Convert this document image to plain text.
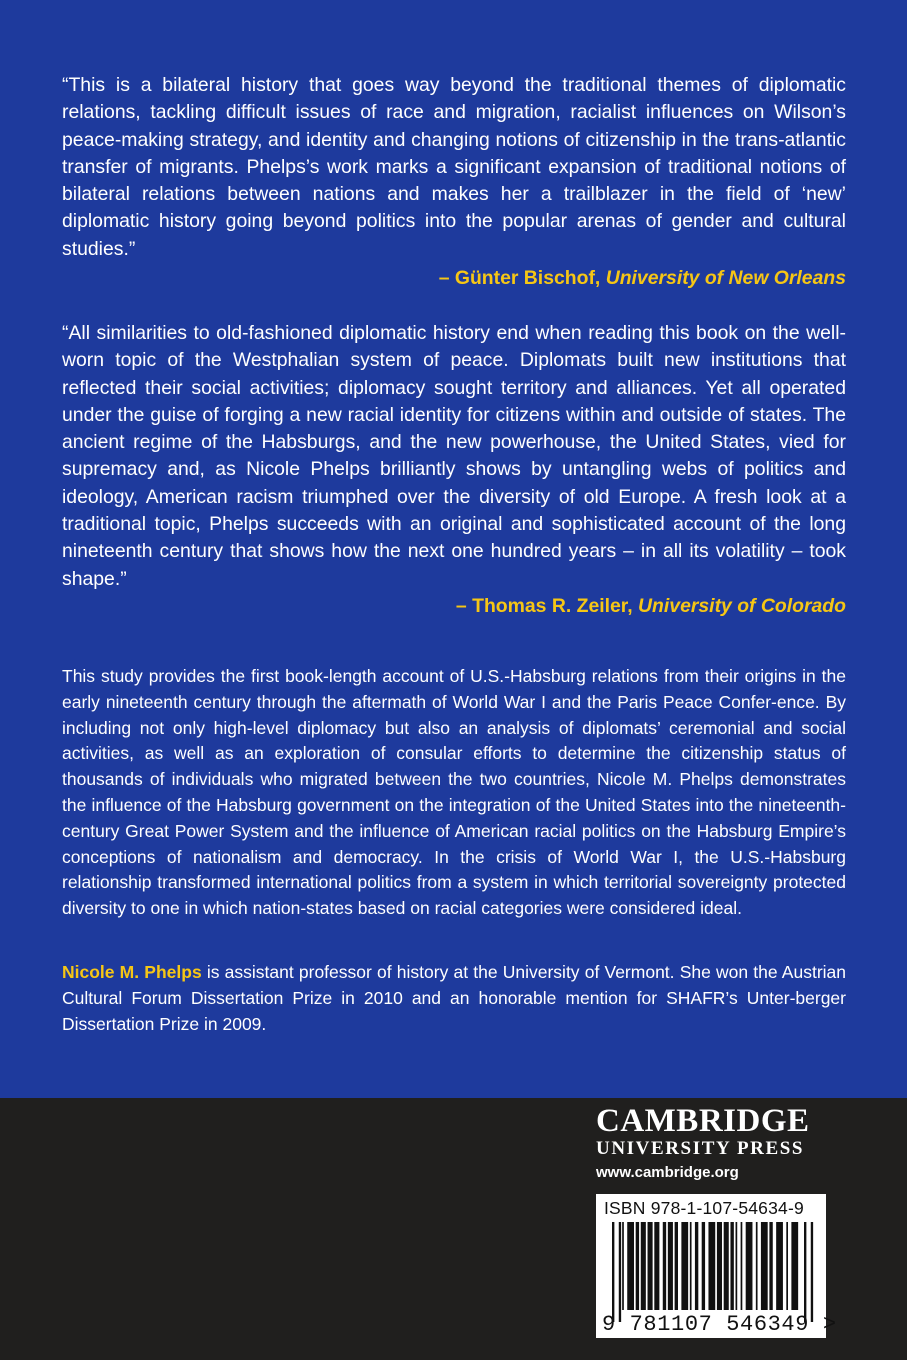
“This is a bilateral history that goes way beyond the traditional themes of diplomatic relations, tackling difficult issues of race and migration, racialist influences on Wilson’s peace-making strategy, and identity and changing notions of citizenship in the trans-atlantic transfer of migrants. Phelps’s work marks a significant expansion of traditional notions of bilateral relations between nations and makes her a trailblazer in the field of ‘new’ diplomatic history going beyond politics into the popular arenas of gender and cultural studies.”

– Günter Bischof, University of New Orleans

“All similarities to old-fashioned diplomatic history end when reading this book on the well-worn topic of the Westphalian system of peace. Diplomats built new institutions that reflected their social activities; diplomacy sought territory and alliances. Yet all operated under the guise of forging a new racial identity for citizens within and outside of states. The ancient regime of the Habsburgs, and the new powerhouse, the United States, vied for supremacy and, as Nicole Phelps brilliantly shows by untangling webs of politics and ideology, American racism triumphed over the diversity of old Europe. A fresh look at a traditional topic, Phelps succeeds with an original and sophisticated account of the long nineteenth century that shows how the next one hundred years – in all its volatility – took shape.”

– Thomas R. Zeiler, University of Colorado

This study provides the first book-length account of U.S.-Habsburg relations from their origins in the early nineteenth century through the aftermath of World War I and the Paris Peace Confer-ence. By including not only high-level diplomacy but also an analysis of diplomats’ ceremonial and social activities, as well as an exploration of consular efforts to determine the citizenship status of thousands of individuals who migrated between the two countries, Nicole M. Phelps demonstrates the influence of the Habsburg government on the integration of the United States into the nineteenth-century Great Power System and the influence of American racial politics on the Habsburg Empire’s conceptions of nationalism and democracy. In the crisis of World War I, the U.S.-Habsburg relationship transformed international politics from a system in which territorial sovereignty protected diversity to one in which nation-states based on racial categories were considered ideal.

Nicole M. Phelps is assistant professor of history at the University of Vermont. She won the Austrian Cultural Forum Dissertation Prize in 2010 and an honorable mention for SHAFR’s Unter-berger Dissertation Prize in 2009.

CAMBRIDGE

UNIVERSITY PRESS

www.cambridge.org

ISBN 978-1-107-54634-9
9 781107 546349 >
